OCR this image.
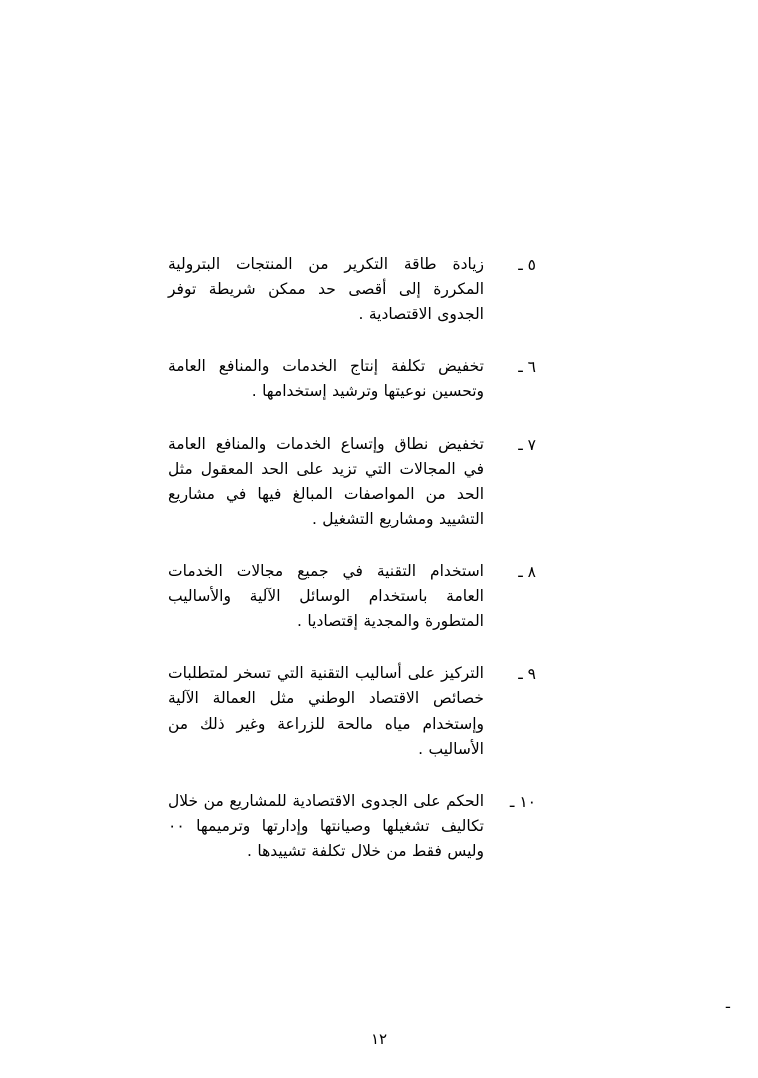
٥ ـ
زيادة طاقة التكرير من المنتجات البترولية المكررة إلى أقصى حد ممكن شريطة توفر الجدوى الاقتصادية .
٦ ـ
تخفيض تكلفة إنتاج الخدمات والمنافع العامة وتحسين نوعيتها وترشيد إستخدامها .
٧ ـ
تخفيض نطاق وإتساع الخدمات والمنافع العامة في المجالات التي تزيد على الحد المعقول مثل الحد من المواصفات المبالغ فيها في مشاريع التشييد ومشاريع التشغيل .
٨ ـ
استخدام التقنية في جميع مجالات الخدمات العامة باستخدام الوسائل الآلية والأساليب المتطورة والمجدية إقتصاديا .
٩ ـ
التركيز على أساليب التقنية التي تسخر لمتطلبات خصائص الاقتصاد الوطني مثل العمالة الآلية وإستخدام مياه مالحة للزراعة وغير ذلك من الأساليب .
١٠ ـ
الحكم على الجدوى الاقتصادية للمشاريع من خلال تكاليف تشغيلها وصيانتها وإدارتها وترميمها ٠٠ وليس فقط من خلال تكلفة تشييدها .
ـ
١٢
